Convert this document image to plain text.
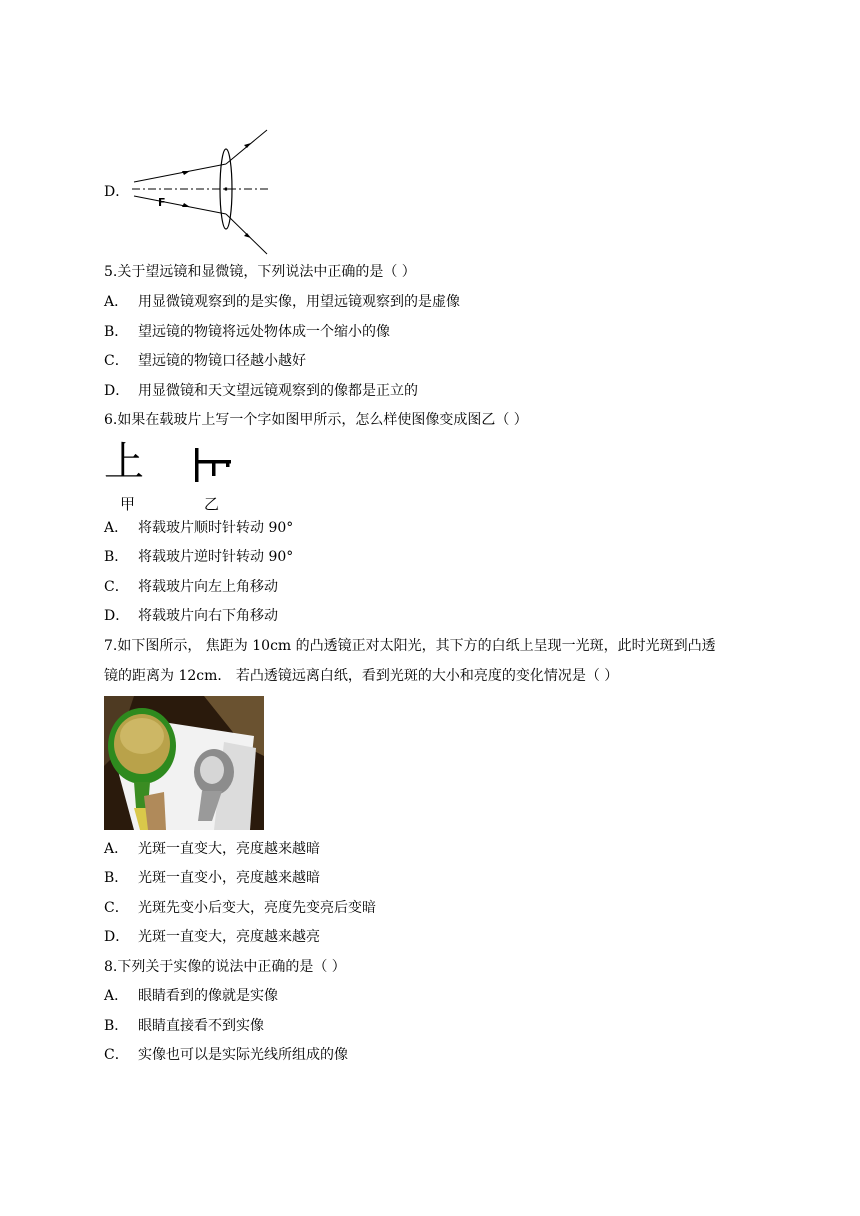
D．
F
5.关于望远镜和显微镜，下列说法中正确的是（ ）
A． 用显微镜观察到的是实像，用望远镜观察到的是虚像
B． 望远镜的物镜将远处物体成一个缩小的像
C． 望远镜的物镜口径越小越好
D． 用显微镜和天文望远镜观察到的像都是正立的
6.如果在载玻片上写一个字如图甲所示，怎么样使图像变成图乙（ ）
上
甲	乙
A． 将载玻片顺时针转动 90°
B． 将载玻片逆时针转动 90°
C． 将载玻片向左上角移动
D． 将载玻片向右下角移动
7.如下图所示， 焦距为 10cm 的凸透镜正对太阳光，其下方的白纸上呈现一光斑，此时光斑到凸透
镜的距离为 12cm． 若凸透镜远离白纸，看到光斑的大小和亮度的变化情况是（ ）
A． 光斑一直变大，亮度越来越暗
B． 光斑一直变小，亮度越来越暗
C． 光斑先变小后变大，亮度先变亮后变暗
D． 光斑一直变大，亮度越来越亮
8.下列关于实像的说法中正确的是（ ）
A． 眼睛看到的像就是实像
B． 眼睛直接看不到实像
C． 实像也可以是实际光线所组成的像
